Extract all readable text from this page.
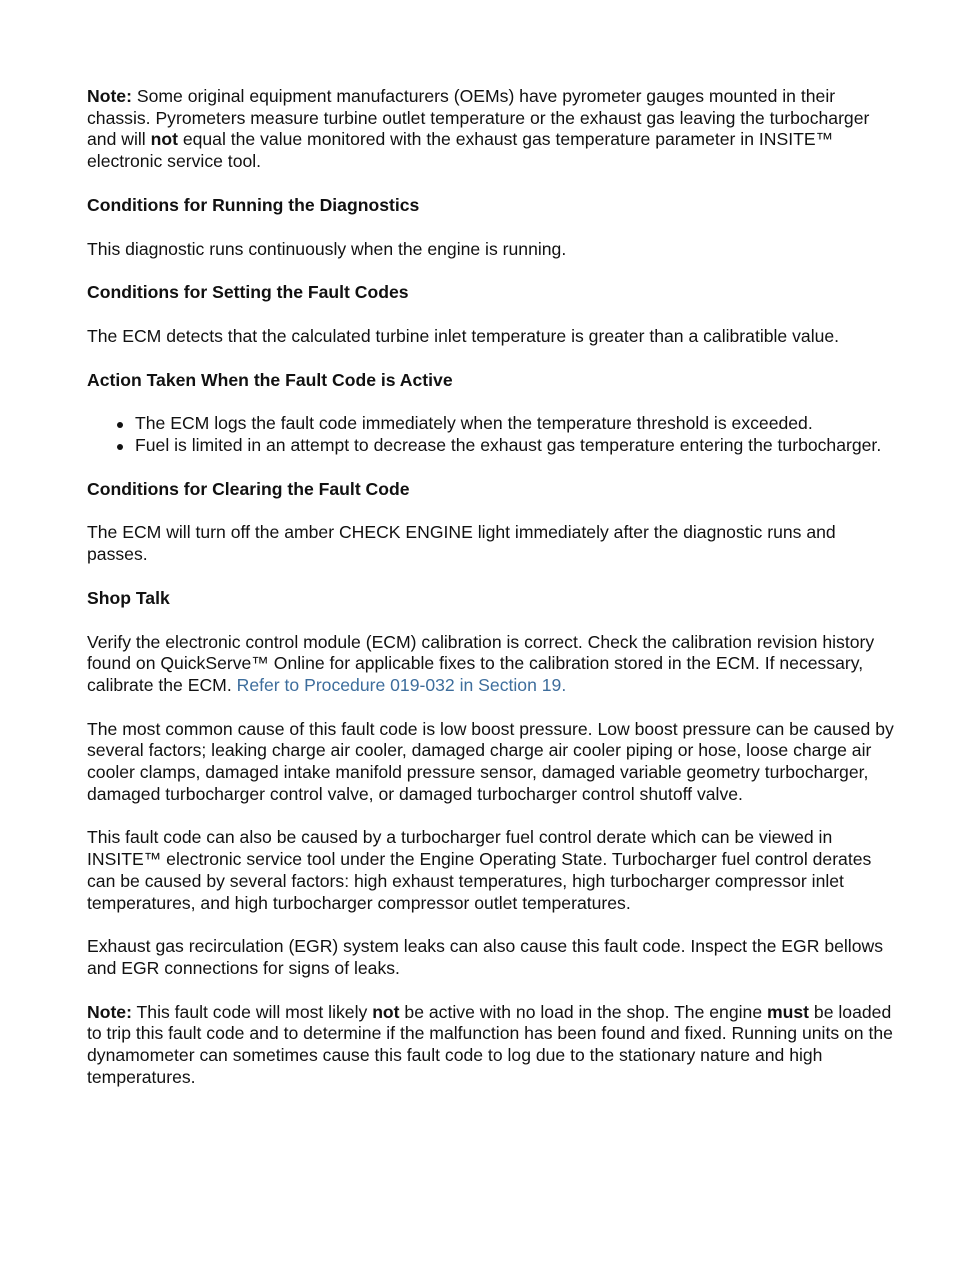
Note: Some original equipment manufacturers (OEMs) have pyrometer gauges mounted in their chassis. Pyrometers measure turbine outlet temperature or the exhaust gas leaving the turbocharger and will not equal the value monitored with the exhaust gas temperature parameter in INSITE™ electronic service tool.

Conditions for Running the Diagnostics

This diagnostic runs continuously when the engine is running.

Conditions for Setting the Fault Codes

The ECM detects that the calculated turbine inlet temperature is greater than a calibratible value.

Action Taken When the Fault Code is Active

The ECM logs the fault code immediately when the temperature threshold is exceeded.
Fuel is limited in an attempt to decrease the exhaust gas temperature entering the turbocharger.

Conditions for Clearing the Fault Code

The ECM will turn off the amber CHECK ENGINE light immediately after the diagnostic runs and passes.

Shop Talk

Verify the electronic control module (ECM) calibration is correct. Check the calibration revision history found on QuickServe™ Online for applicable fixes to the calibration stored in the ECM. If necessary, calibrate the ECM. Refer to Procedure 019-032 in Section 19.

The most common cause of this fault code is low boost pressure. Low boost pressure can be caused by several factors; leaking charge air cooler, damaged charge air cooler piping or hose, loose charge air cooler clamps, damaged intake manifold pressure sensor, damaged variable geometry turbocharger, damaged turbocharger control valve, or damaged turbocharger control shutoff valve.

This fault code can also be caused by a turbocharger fuel control derate which can be viewed in INSITE™ electronic service tool under the Engine Operating State. Turbocharger fuel control derates can be caused by several factors: high exhaust temperatures, high turbocharger compressor inlet temperatures, and high turbocharger compressor outlet temperatures.

Exhaust gas recirculation (EGR) system leaks can also cause this fault code. Inspect the EGR bellows and EGR connections for signs of leaks.

Note: This fault code will most likely not be active with no load in the shop. The engine must be loaded to trip this fault code and to determine if the malfunction has been found and fixed. Running units on the dynamometer can sometimes cause this fault code to log due to the stationary nature and high temperatures.
